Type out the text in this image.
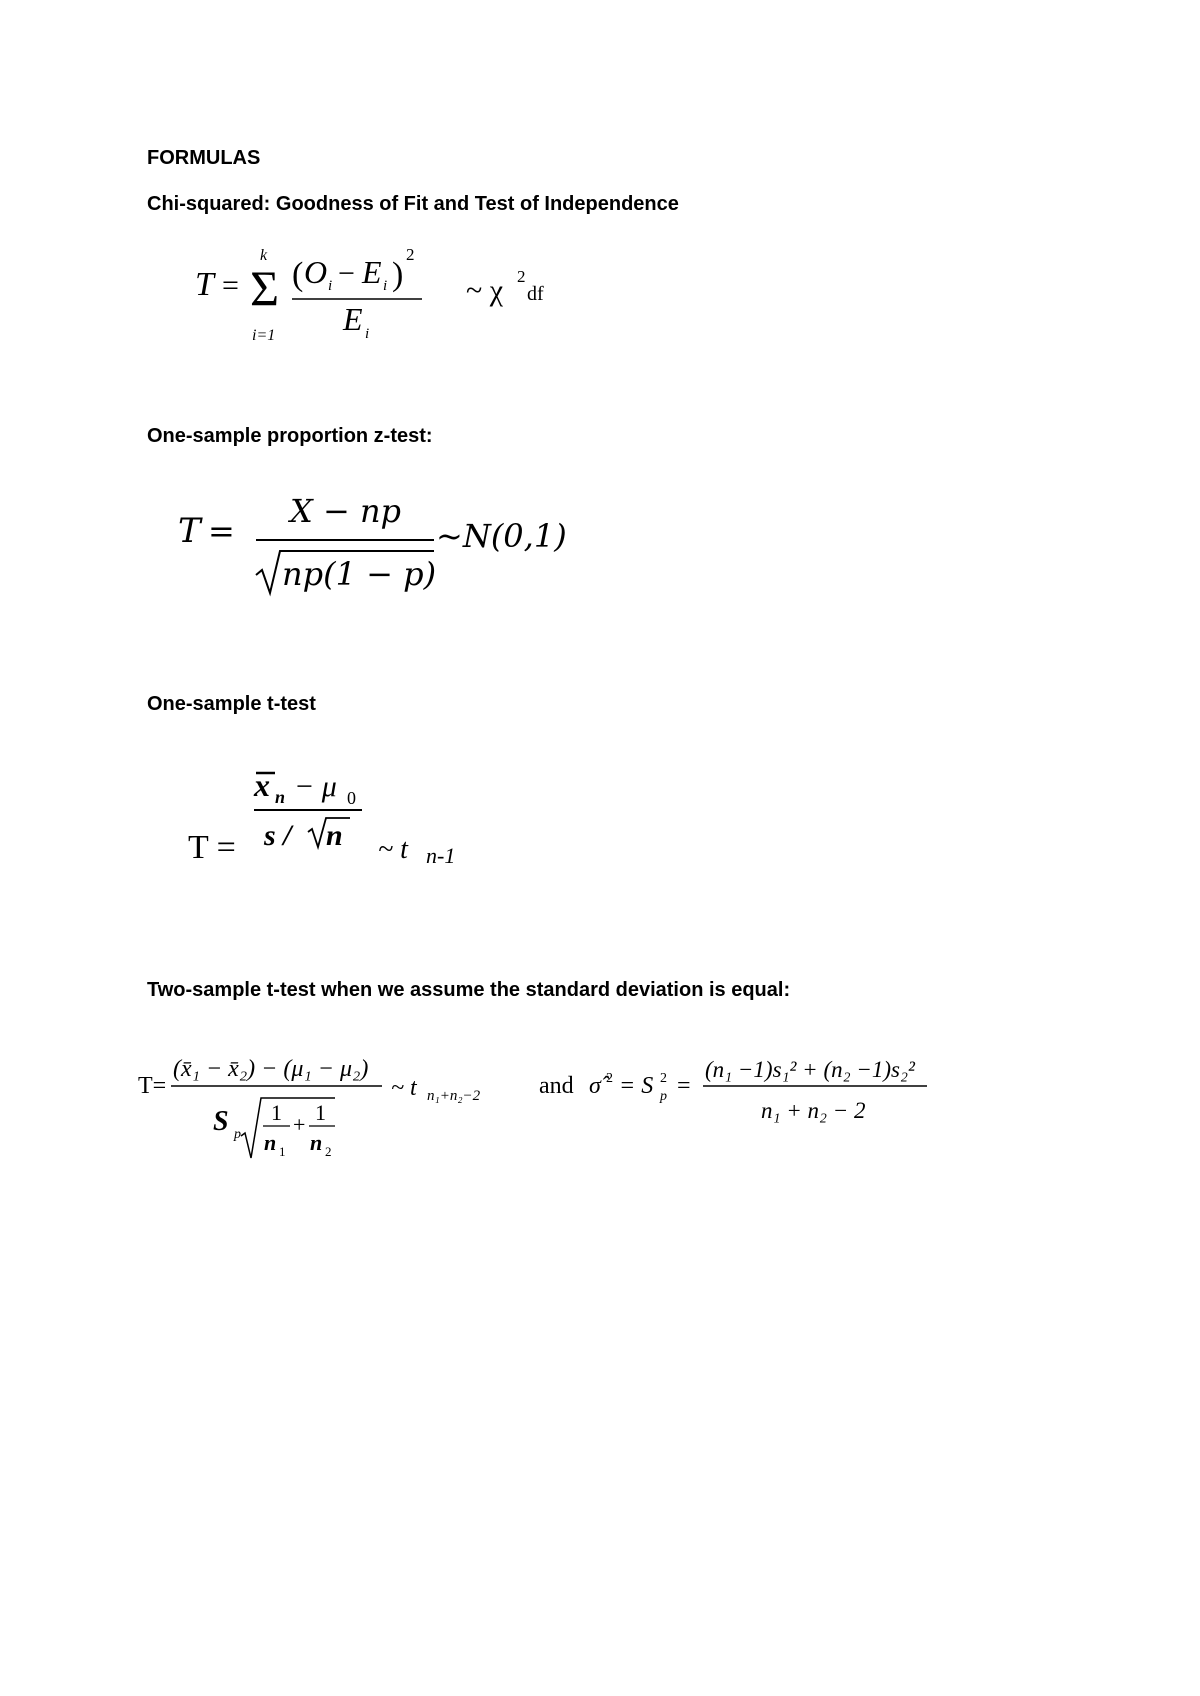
FORMULAS
Chi-squared: Goodness of Fit and Test of Independence
T =
k
Σ
i=1
( O i − E i )
2
E i
~ χ 2
df
One-sample proportion z-test:
T =
X − np
np(1 − p)
~N(0,1)
One-sample t-test
x n − μ 0
s / n
T =	~ t n-1
Two-sample t-test when we assume the standard deviation is equal:
T=
(x̄₁ − x̄₂) − (μ₁ − μ₂)
S p
1
n 1
+ 1
n 2
~ t n₁+n₂−2 and σ̂ 2 = S 2
p =
(n₁ −1)s₁² + (n₂ −1)s₂²
n₁ + n₂ − 2
